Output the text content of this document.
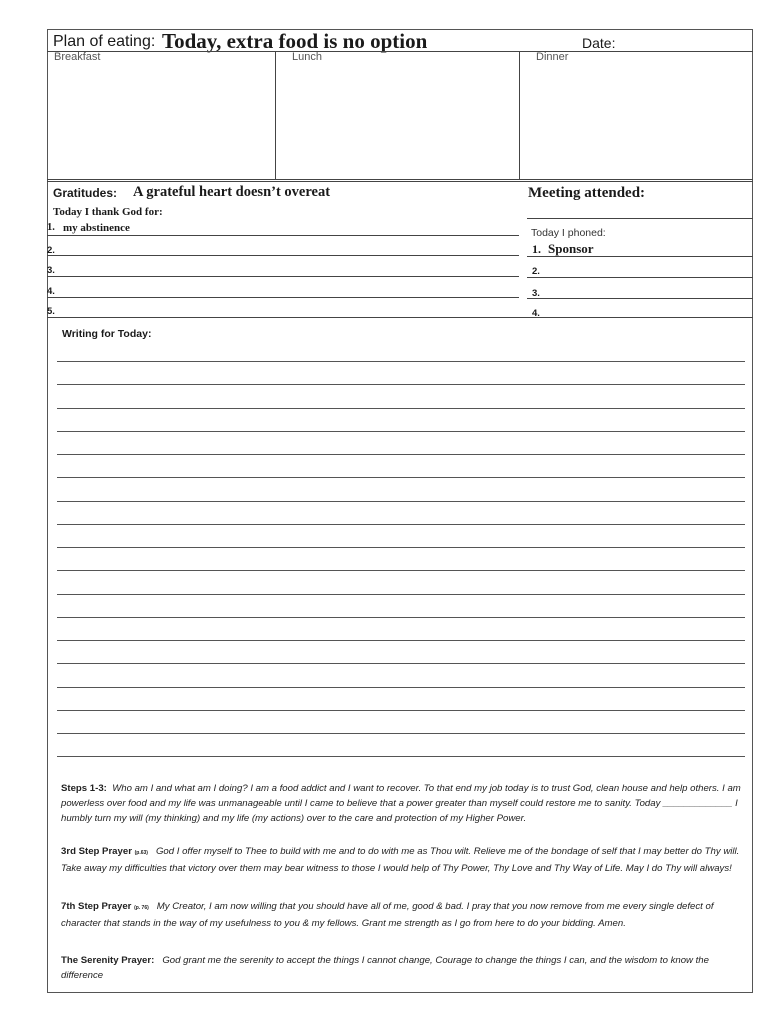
Plan of eating: Today, extra food is no option	Date:
Breakfast	Lunch	Dinner
Gratitudes: A grateful heart doesn’t overeat
Today I thank God for:
1. my abstinence
2.
3.
4.
5.
Meeting attended:
Today I phoned:
1. Sponsor
2.
3.
4.
Writing for Today:
Steps 1-3: Who am I and what am I doing? I am a food addict and I want to recover. To that end my job today is to trust God, clean house and help others. I am powerless over food and my life was unmanageable until I came to believe that a power greater than myself could restore me to sanity. Today _____________ I humbly turn my will (my thinking) and my life (my actions) over to the care and protection of my Higher Power.
3rd Step Prayer (p.63) God I offer myself to Thee to build with me and to do with me as Thou wilt. Relieve me of the bondage of self that I may better do Thy will. Take away my difficulties that victory over them may bear witness to those I would help of Thy Power, Thy Love and Thy Way of Life. May I do Thy will always!
7th Step Prayer (p. 76) My Creator, I am now willing that you should have all of me, good & bad. I pray that you now remove from me every single defect of character that stands in the way of my usefulness to you & my fellows. Grant me strength as I go from here to do your bidding. Amen.
The Serenity Prayer: God grant me the serenity to accept the things I cannot change, Courage to change the things I can, and the wisdom to know the difference
